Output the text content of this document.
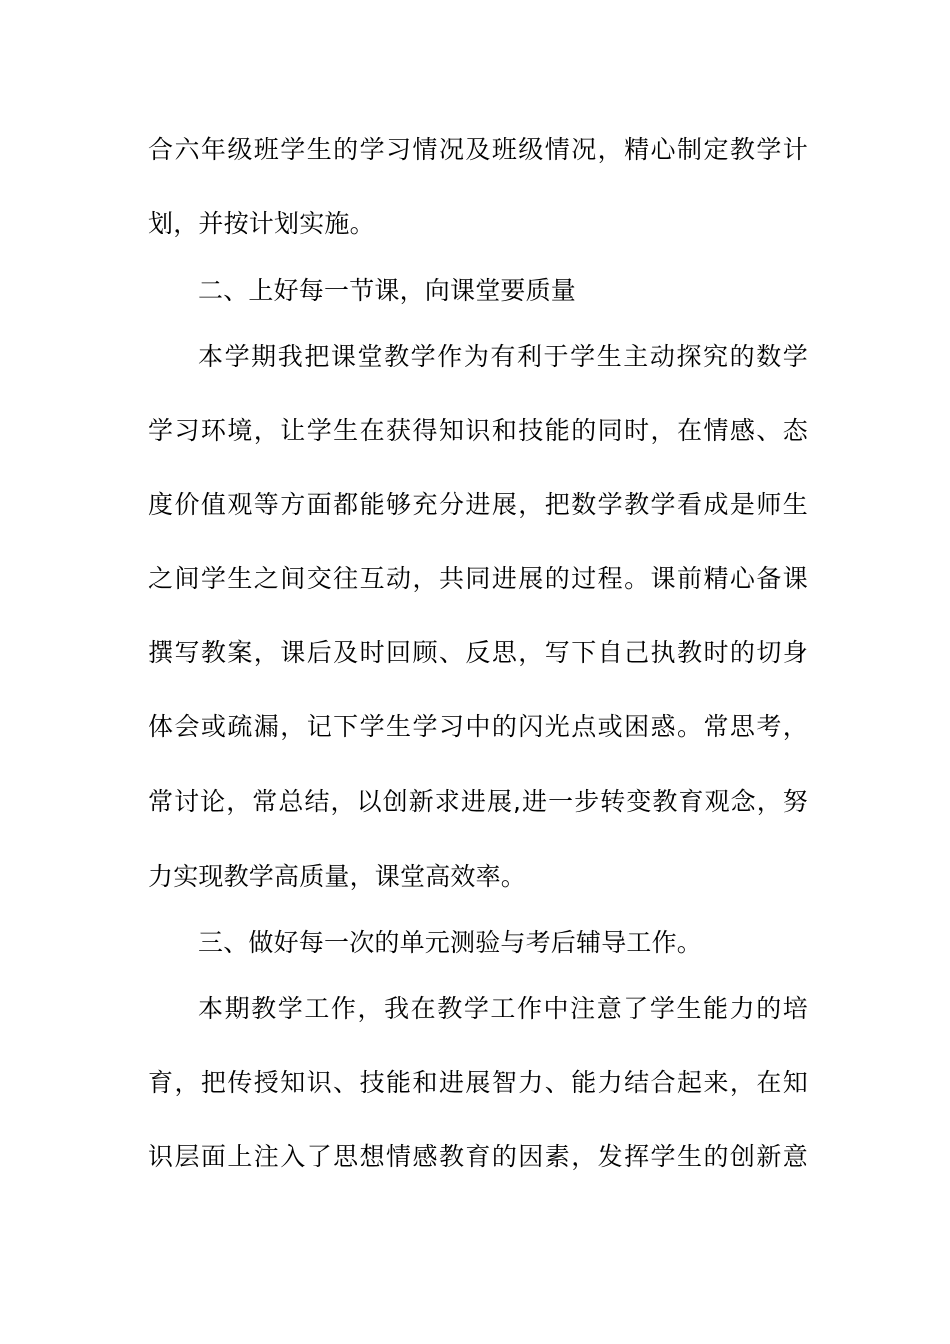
合六年级班学生的学习情况及班级情况，精心制定教学计
划，并按计划实施。
二、上好每一节课，向课堂要质量
本学期我把课堂教学作为有利于学生主动探究的数学
学习环境，让学生在获得知识和技能的同时，在情感、态
度价值观等方面都能够充分进展，把数学教学看成是师生
之间学生之间交往互动，共同进展的过程。课前精心备课
撰写教案，课后及时回顾、反思，写下自己执教时的切身
体会或疏漏，记下学生学习中的闪光点或困惑。常思考，
常讨论，常总结，以创新求进展,进一步转变教育观念，努
力实现教学高质量，课堂高效率。
三、做好每一次的单元测验与考后辅导工作。
本期教学工作，我在教学工作中注意了学生能力的培
育，把传授知识、技能和进展智力、能力结合起来，在知
识层面上注入了思想情感教育的因素，发挥学生的创新意
